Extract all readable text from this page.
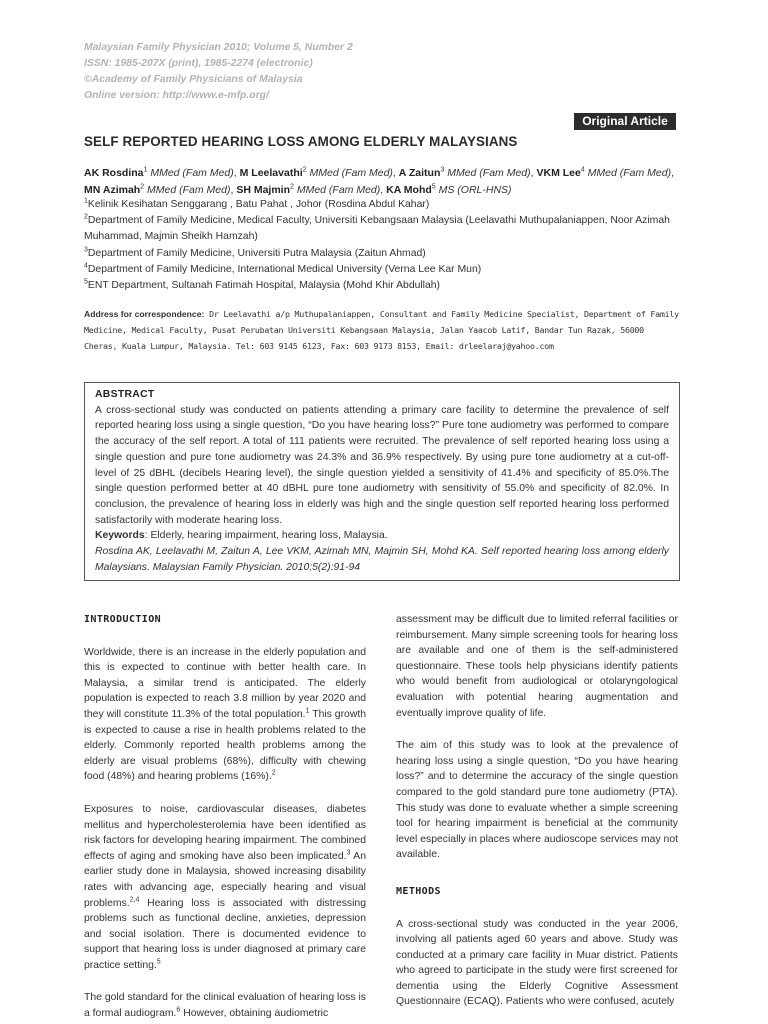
Malaysian Family Physician 2010; Volume 5, Number 2
ISSN: 1985-207X (print), 1985-2274 (electronic)
©Academy of Family Physicians of Malaysia
Online version: http://www.e-mfp.org/
Original Article
SELF REPORTED HEARING LOSS AMONG ELDERLY MALAYSIANS
AK Rosdina$^1$ MMed (Fam Med), M Leelavathi$^2$ MMed (Fam Med), A Zaitun$^3$ MMed (Fam Med), VKM Lee$^4$ MMed (Fam Med), MN Azimah$^2$ MMed (Fam Med), SH Majmin$^2$ MMed (Fam Med), KA Mohd$^5$ MS (ORL-HNS)
$^1$Kelinik Kesihatan Senggarang , Batu Pahat , Johor (Rosdina Abdul Kahar)
$^2$Department of Family Medicine, Medical Faculty, Universiti Kebangsaan Malaysia (Leelavathi Muthupalaniappen, Noor Azimah Muhammad, Majmin Sheikh Hamzah)
$^3$Department of Family Medicine, Universiti Putra Malaysia (Zaitun Ahmad)
$^4$Department of Family Medicine, International Medical University (Verna Lee Kar Mun)
$^5$ENT Department, Sultanah Fatimah Hospital, Malaysia (Mohd Khir Abdullah)
Address for correspondence: Dr Leelavathi a/p Muthupalaniappen, Consultant and Family Medicine Specialist, Department of Family Medicine, Medical Faculty, Pusat Perubatan Universiti Kebangsaan Malaysia, Jalan Yaacob Latif, Bandar Tun Razak, 56000 Cheras, Kuala Lumpur, Malaysia. Tel: 603 9145 6123, Fax: 603 9173 8153, Email: drleelaraj@yahoo.com
ABSTRACT
A cross-sectional study was conducted on patients attending a primary care facility to determine the prevalence of self reported hearing loss using a single question, “Do you have hearing loss?” Pure tone audiometry was performed to compare the accuracy of the self report. A total of 111 patients were recruited. The prevalence of self reported hearing loss using a single question and pure tone audiometry was 24.3% and 36.9% respectively. By using pure tone audiometry at a cut-off-level of 25 dBHL (decibels Hearing level), the single question yielded a sensitivity of 41.4% and specificity of 85.0%.The single question performed better at 40 dBHL pure tone audiometry with sensitivity of 55.0% and specificity of 82.0%. In conclusion, the prevalence of hearing loss in elderly was high and the single question self reported hearing loss performed satisfactorily with moderate hearing loss.
Keywords: Elderly, hearing impairment, hearing loss, Malaysia.
Rosdina AK, Leelavathi M, Zaitun A, Lee VKM, Azimah MN, Majmin SH, Mohd KA. Self reported hearing loss among elderly Malaysians. Malaysian Family Physician. 2010;5(2):91-94
INTRODUCTION
Worldwide, there is an increase in the elderly population and this is expected to continue with better health care. In Malaysia, a similar trend is anticipated. The elderly population is expected to reach 3.8 million by year 2020 and they will constitute 11.3% of the total population.$^1$ This growth is expected to cause a rise in health problems related to the elderly. Commonly reported health problems among the elderly are visual problems (68%), difficulty with chewing food (48%) and hearing problems (16%).$^2$
Exposures to noise, cardiovascular diseases, diabetes mellitus and hypercholesterolemia have been identified as risk factors for developing hearing impairment. The combined effects of aging and smoking have also been implicated.$^3$ An earlier study done in Malaysia, showed increasing disability rates with advancing age, especially hearing and visual problems.$^{2,4}$ Hearing loss is associated with distressing problems such as functional decline, anxieties, depression and social isolation. There is documented evidence to support that hearing loss is under diagnosed at primary care practice setting.$^5$
The gold standard for the clinical evaluation of hearing loss is a formal audiogram.$^6$ However, obtaining audiometric
assessment may be difficult due to limited referral facilities or reimbursement. Many simple screening tools for hearing loss are available and one of them is the self-administered questionnaire. These tools help physicians identify patients who would benefit from audiological or otolaryngological evaluation with potential hearing augmentation and eventually improve quality of life.
The aim of this study was to look at the prevalence of hearing loss using a single question, “Do you have hearing loss?” and to determine the accuracy of the single question compared to the gold standard pure tone audiometry (PTA). This study was done to evaluate whether a simple screening tool for hearing impairment is beneficial at the community level especially in places where audioscope services may not available.
METHODS
A cross-sectional study was conducted in the year 2006, involving all patients aged 60 years and above. Study was conducted at a primary care facility in Muar district. Patients who agreed to participate in the study were first screened for dementia using the Elderly Cognitive Assessment Questionnaire (ECAQ). Patients who were confused, acutely
